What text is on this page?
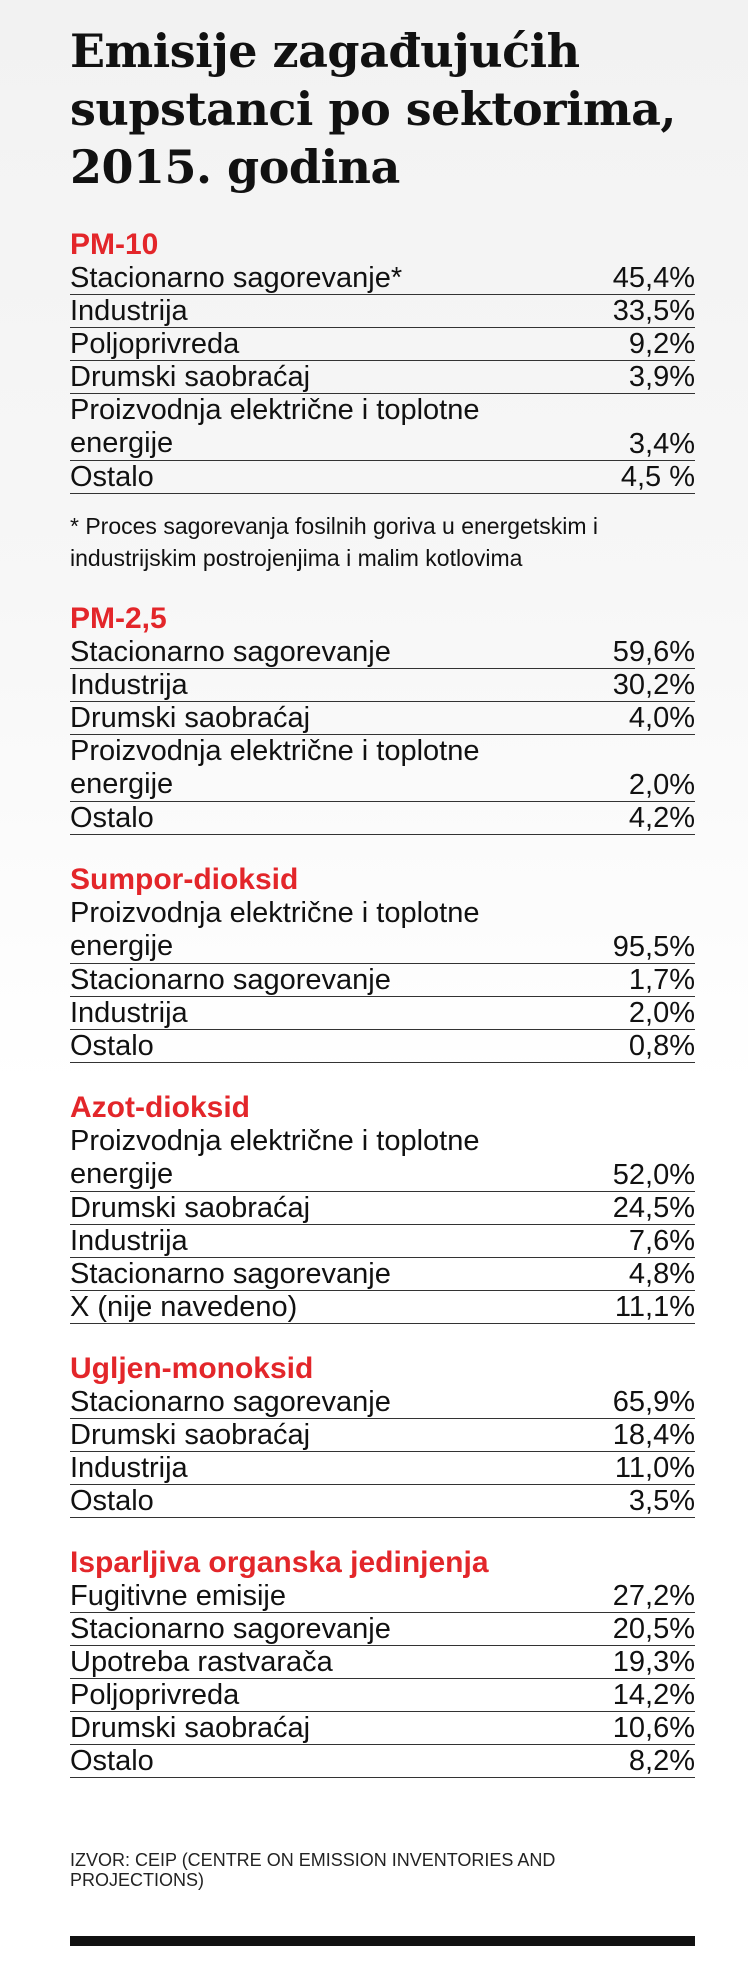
Emisije zagađujućih supstanci po sektorima, 2015. godina
PM-10
Stacionarno sagorevanje*	45,4%
Industrija	33,5%
Poljoprivreda	9,2%
Drumski saobraćaj	3,9%
Proizvodnja električne i toplotne energije	3,4%
Ostalo	4,5 %
* Proces sagorevanja fosilnih goriva u energetskim i industrijskim postrojenjima i malim kotlovima
PM-2,5
Stacionarno sagorevanje	59,6%
Industrija	30,2%
Drumski saobraćaj	4,0%
Proizvodnja električne i toplotne energije	2,0%
Ostalo	4,2%
Sumpor-dioksid
Proizvodnja električne i toplotne energije	95,5%
Stacionarno sagorevanje	1,7%
Industrija	2,0%
Ostalo	0,8%
Azot-dioksid
Proizvodnja električne i toplotne energije	52,0%
Drumski saobraćaj	24,5%
Industrija	7,6%
Stacionarno sagorevanje	4,8%
X (nije navedeno)	11,1%
Ugljen-monoksid
Stacionarno sagorevanje	65,9%
Drumski saobraćaj	18,4%
Industrija	11,0%
Ostalo	3,5%
Isparljiva organska jedinjenja
Fugitivne emisije	27,2%
Stacionarno sagorevanje	20,5%
Upotreba rastvarača	19,3%
Poljoprivreda	14,2%
Drumski saobraćaj	10,6%
Ostalo	8,2%
IZVOR: CEIP (CENTRE ON EMISSION INVENTORIES AND PROJECTIONS)
